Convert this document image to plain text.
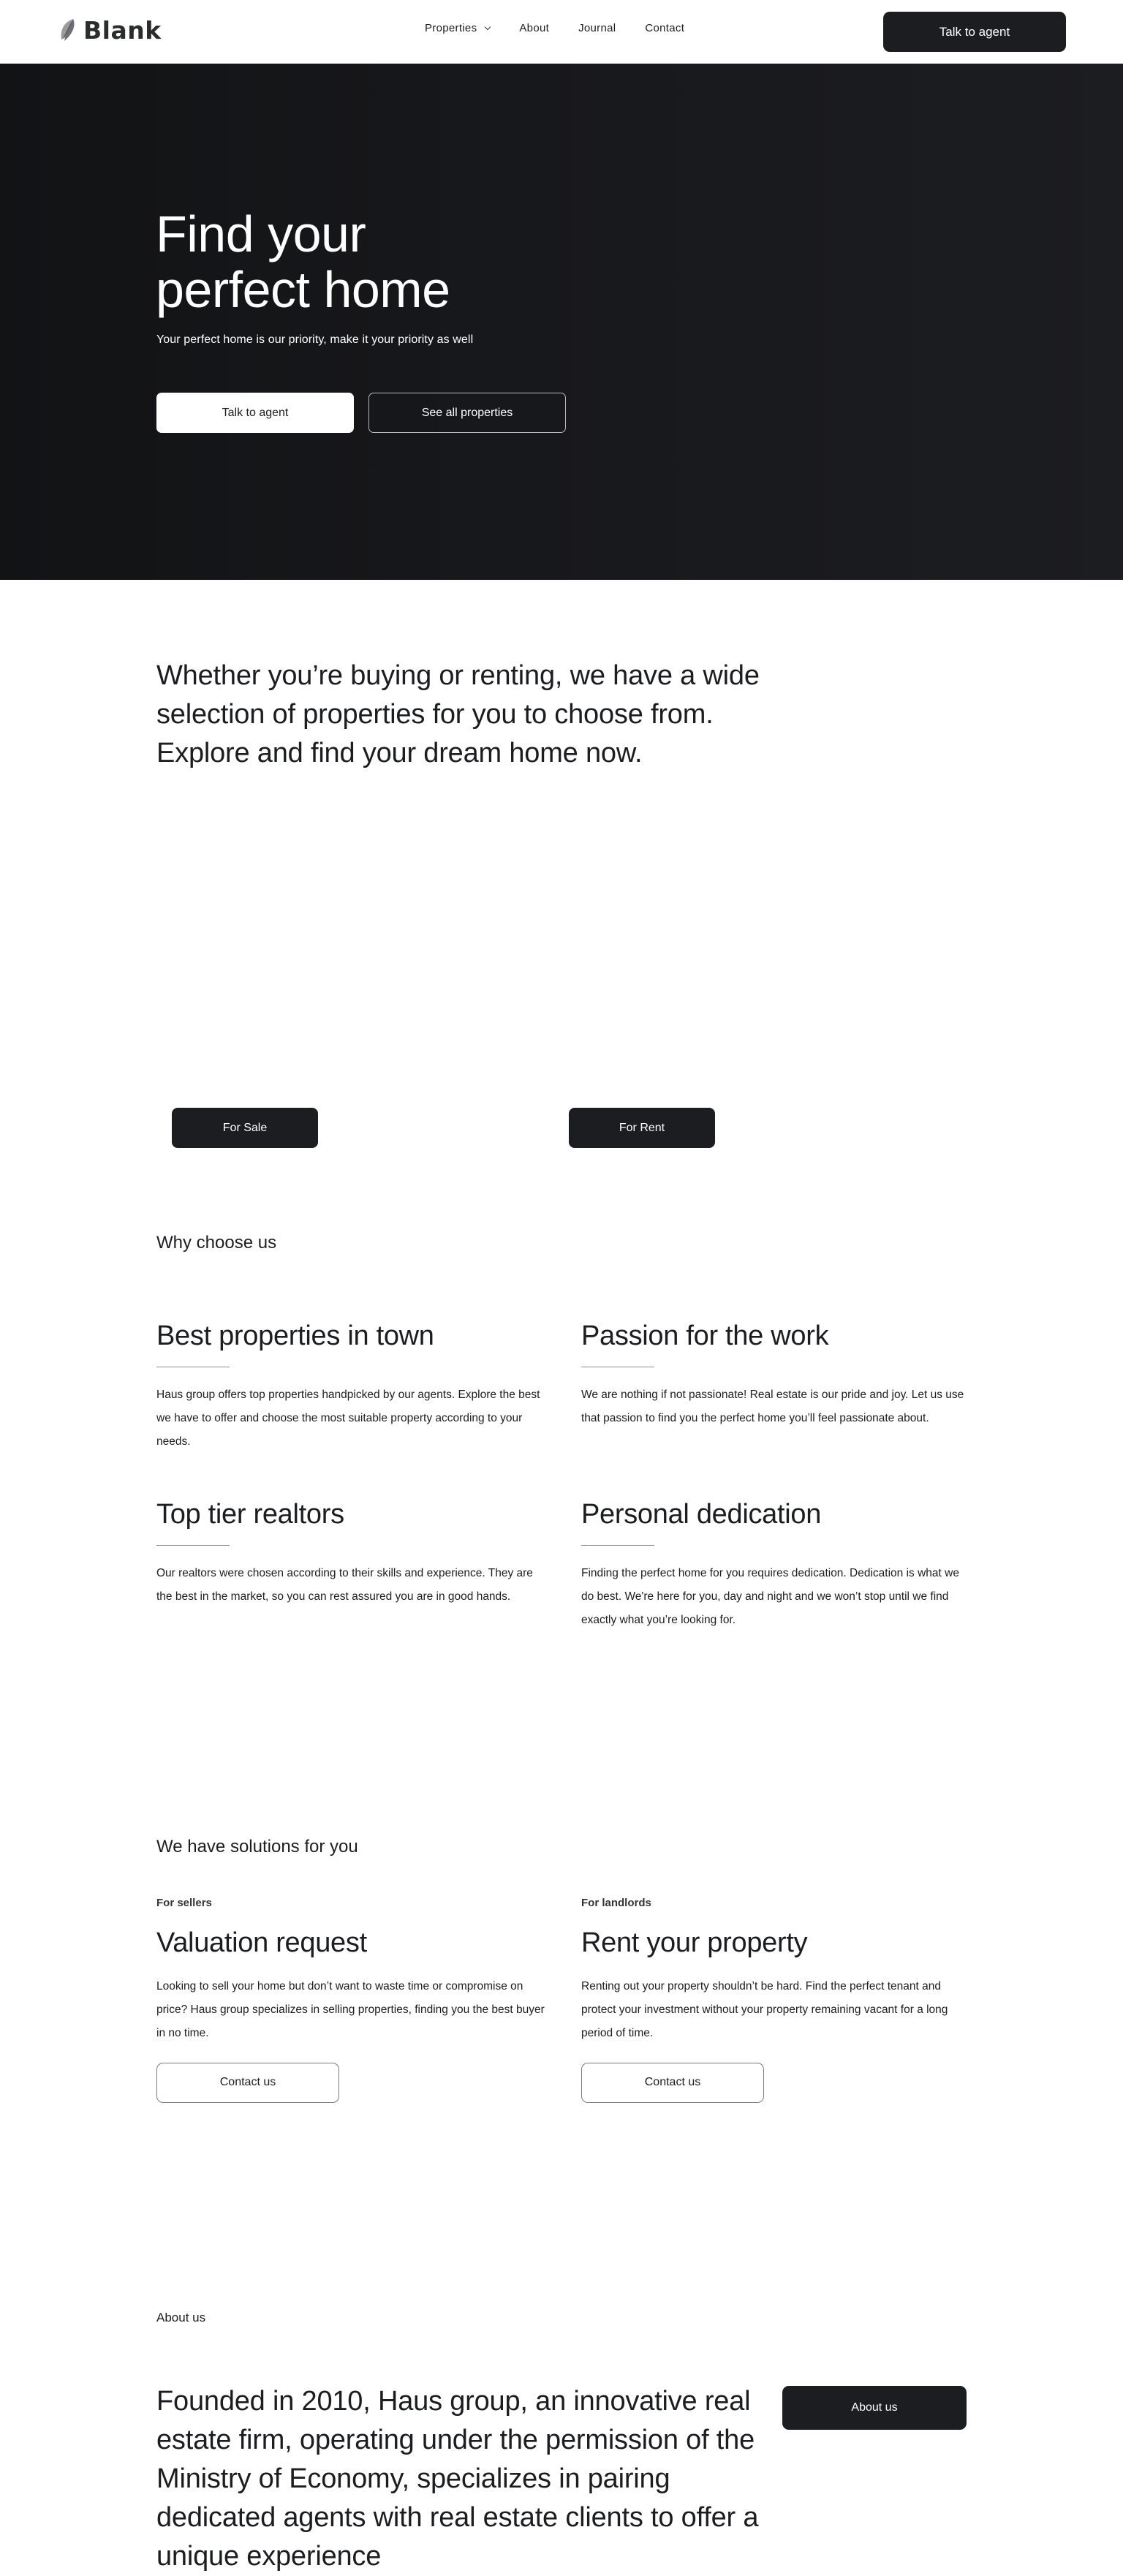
Blank	Properties	About	Journal	Contact	Talk to agent
Find your
perfect home

Your perfect home is our priority, make it your priority as well

Talk to agent	See all properties

Whether you’re buying or renting, we have a wide selection of properties for you to choose from. Explore and find your dream home now.

For Sale	For Rent
Why choose us
Best properties in town

Haus group offers top properties handpicked by our agents. Explore the best we have to offer and choose the most suitable property according to your needs.

Passion for the work

We are nothing if not passionate! Real estate is our pride and joy. Let us use that passion to find you the perfect home you’ll feel passionate about.

Top tier realtors

Our realtors were chosen according to their skills and experience. They are the best in the market, so you can rest assured you are in good hands.

Personal dedication

Finding the perfect home for you requires dedication. Dedication is what we do best. We're here for you, day and night and we won’t stop until we find exactly what you’re looking for.

We have solutions for you
For sellers
Valuation request

Looking to sell your home but don’t want to waste time or compromise on price? Haus group specializes in selling properties, finding you the best buyer in no time.

Contact us
For landlords
Rent your property

Renting out your property shouldn’t be hard. Find the perfect tenant and protect your investment without your property remaining vacant for a long period of time.

Contact us
About us

Founded in 2010, Haus group, an innovative real estate firm, operating under the permission of the Ministry of Economy, specializes in pairing dedicated agents with real estate clients to offer a unique experience

About us
